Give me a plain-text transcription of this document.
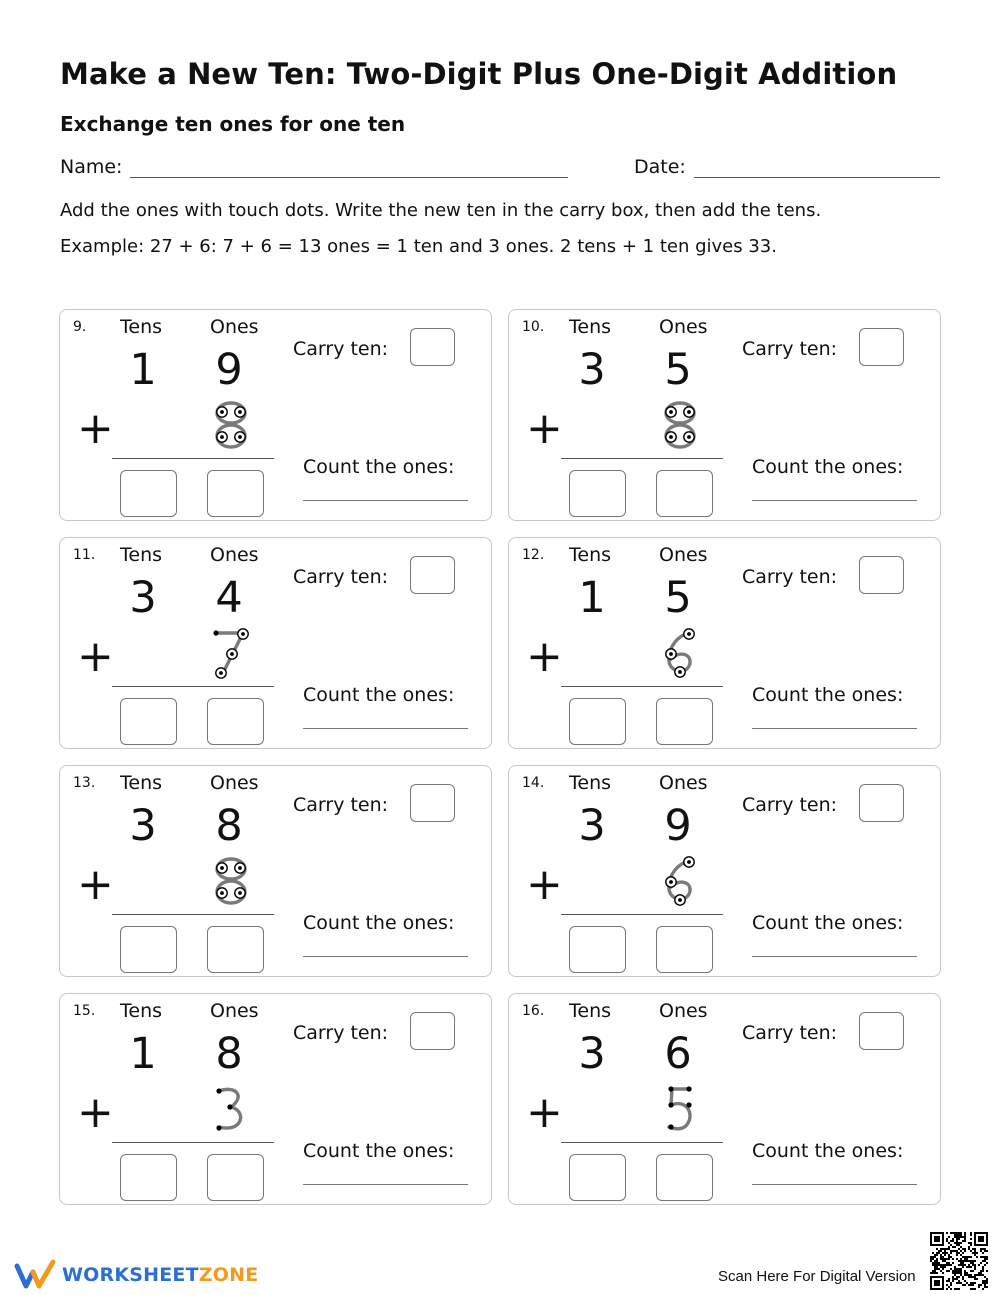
Make a New Ten: Two-Digit Plus One-Digit Addition
Exchange ten ones for one ten
Name:	Date:
Add the ones with touch dots. Write the new ten in the carry box, then add the tens.
Example: 27 + 6: 7 + 6 = 13 ones = 1 ten and 3 ones. 2 tens + 1 ten gives 33.
9. Tens	Ones
1 9
+
Carry ten:
Count the ones:
10. Tens	Ones
3 5
+
Carry ten:
Count the ones:
11. Tens	Ones
3 4
+
Carry ten:
Count the ones:
12. Tens	Ones
1 5
+
Carry ten:
Count the ones:
13. Tens	Ones
3 8
+
Carry ten:
Count the ones:
14. Tens	Ones
3 9
+
Carry ten:
Count the ones:
15. Tens	Ones
1 8
+
Carry ten:
Count the ones:
16. Tens	Ones
3 6
+
Carry ten:
Count the ones:
WORKSHEETZONE	Scan Here For Digital Version
